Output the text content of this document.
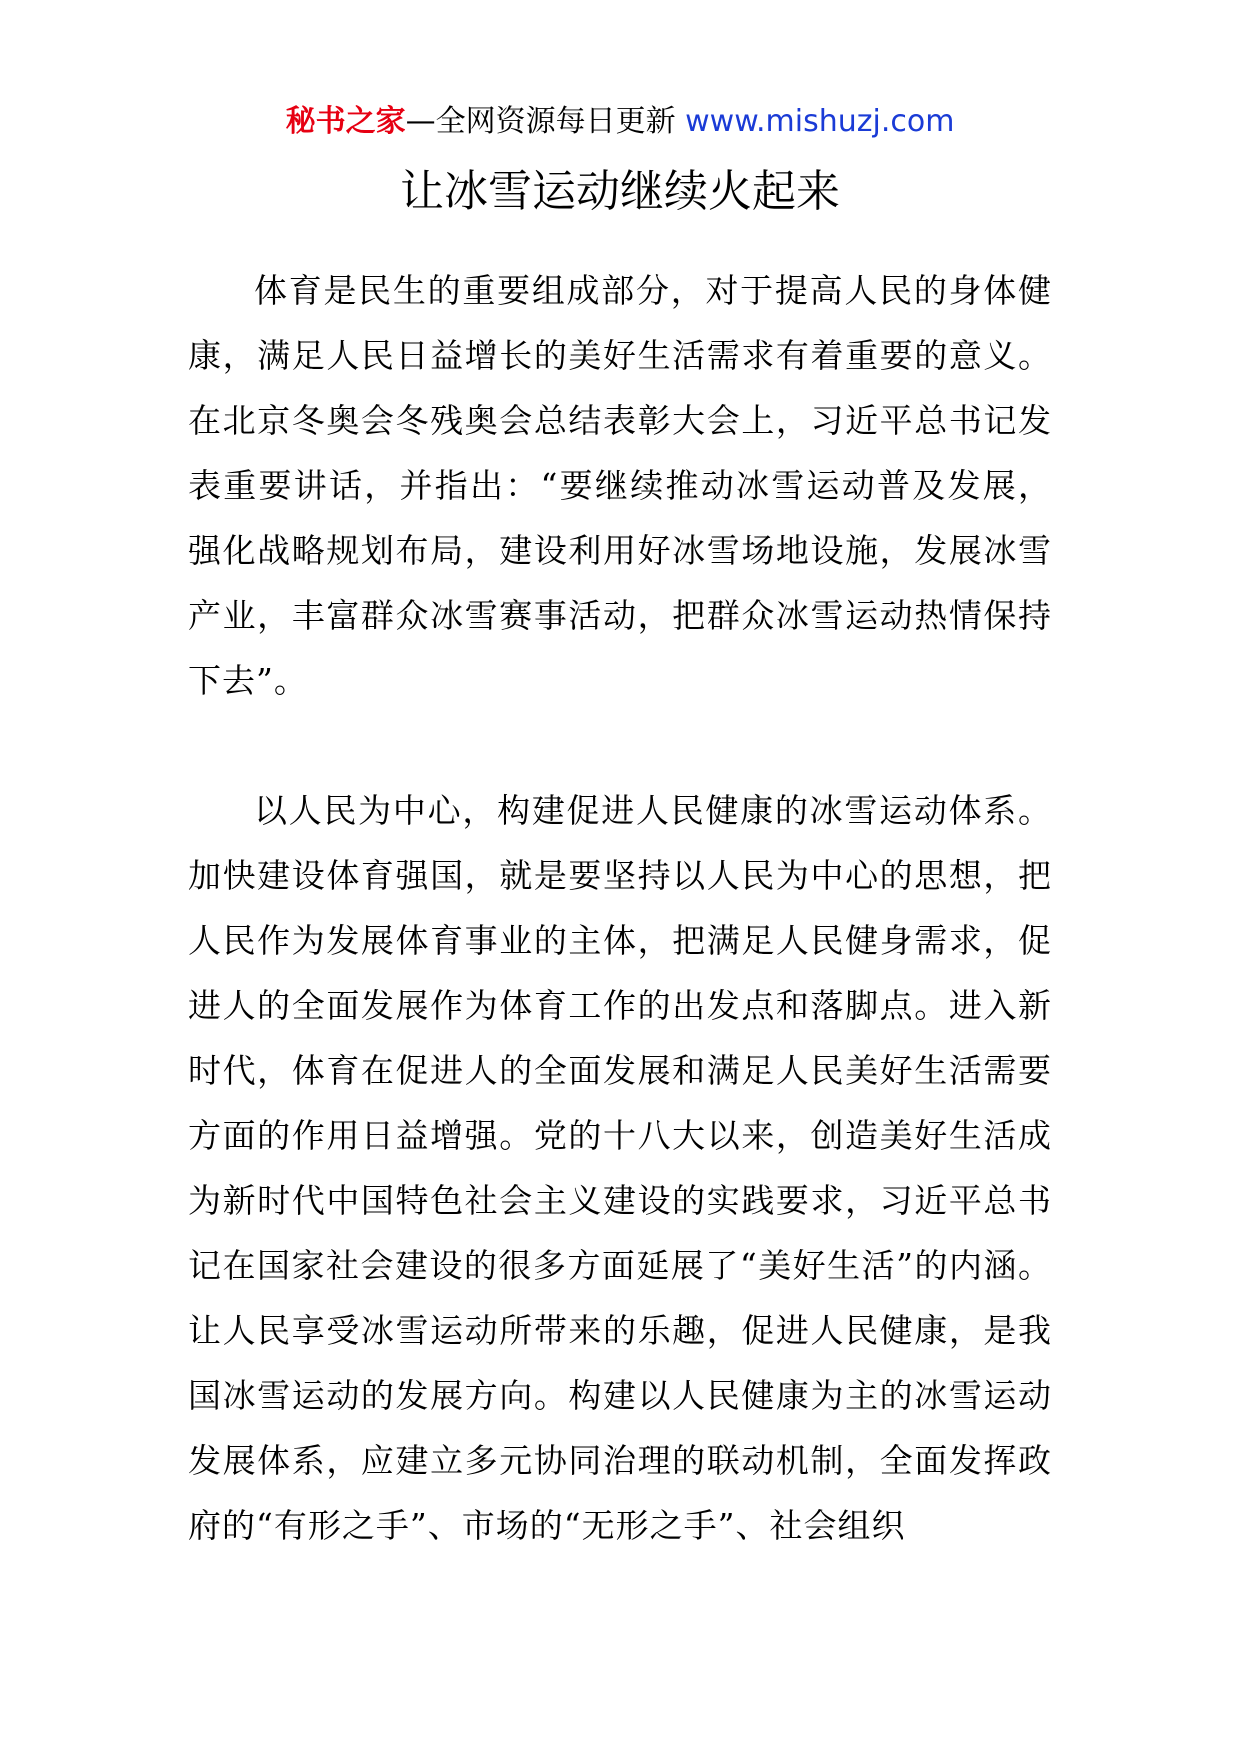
秘书之家—全网资源每日更新 www.mishuzj.com
让冰雪运动继续火起来

体育是民生的重要组成部分，对于提高人民的身体健康，满足人民日益增长的美好生活需求有着重要的意义。在北京冬奥会冬残奥会总结表彰大会上，习近平总书记发表重要讲话，并指出：“要继续推动冰雪运动普及发展，强化战略规划布局，建设利用好冰雪场地设施，发展冰雪产业，丰富群众冰雪赛事活动，把群众冰雪运动热情保持下去”。

以人民为中心，构建促进人民健康的冰雪运动体系。加快建设体育强国，就是要坚持以人民为中心的思想，把人民作为发展体育事业的主体，把满足人民健身需求，促进人的全面发展作为体育工作的出发点和落脚点。进入新时代，体育在促进人的全面发展和满足人民美好生活需要方面的作用日益增强。党的十八大以来，创造美好生活成为新时代中国特色社会主义建设的实践要求，习近平总书记在国家社会建设的很多方面延展了“美好生活”的内涵。让人民享受冰雪运动所带来的乐趣，促进人民健康，是我国冰雪运动的发展方向。构建以人民健康为主的冰雪运动发展体系，应建立多元协同治理的联动机制，全面发挥政府的“有形之手”、市场的“无形之手”、社会组织
